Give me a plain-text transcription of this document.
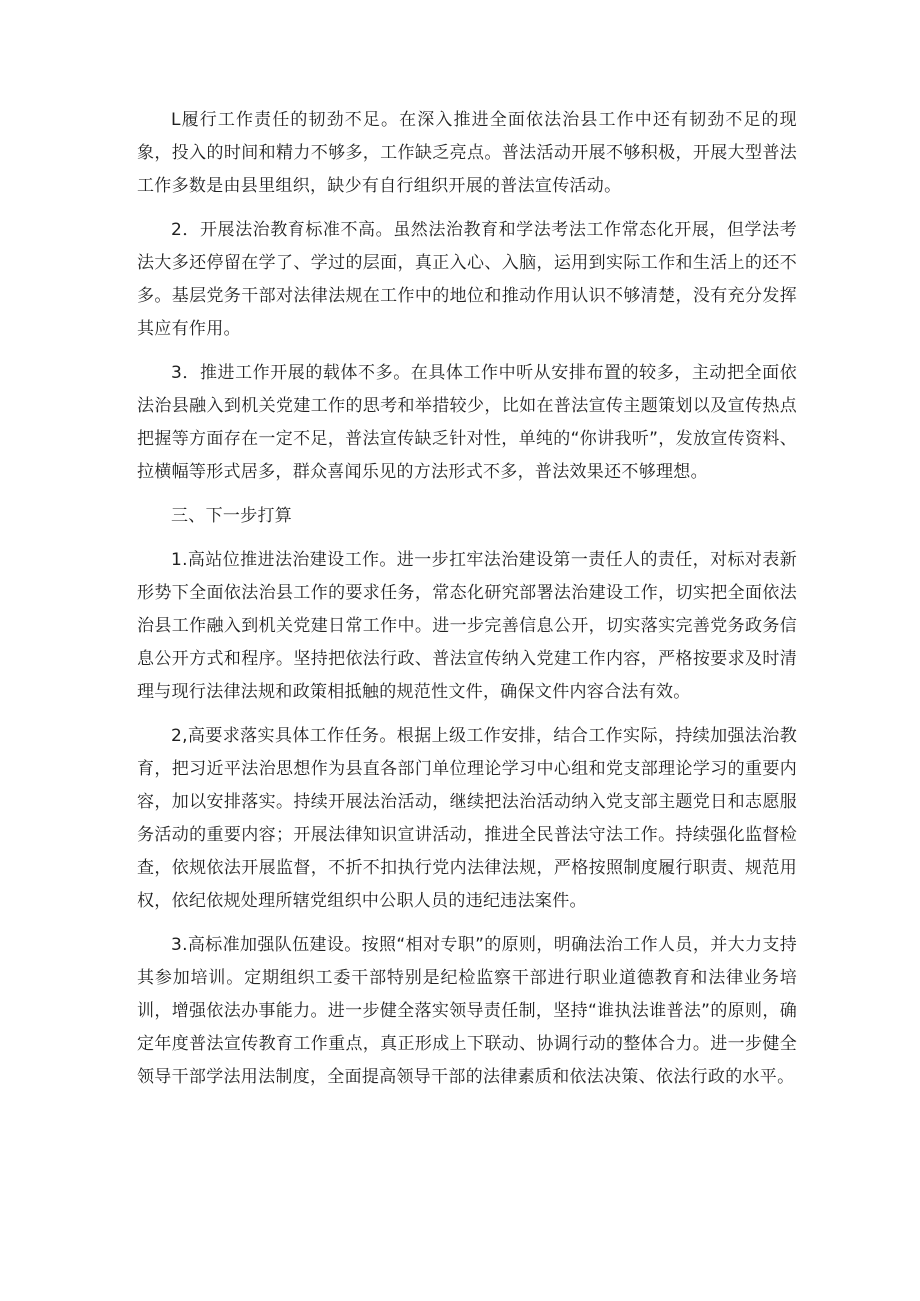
L履行工作责任的韧劲不足。在深入推进全面依法治县工作中还有韧劲不足的现象，投入的时间和精力不够多，工作缺乏亮点。普法活动开展不够积极，开展大型普法工作多数是由县里组织，缺少有自行组织开展的普法宣传活动。

2．开展法治教育标准不高。虽然法治教育和学法考法工作常态化开展，但学法考法大多还停留在学了、学过的层面，真正入心、入脑，运用到实际工作和生活上的还不多。基层党务干部对法律法规在工作中的地位和推动作用认识不够清楚，没有充分发挥其应有作用。

3．推进工作开展的载体不多。在具体工作中听从安排布置的较多，主动把全面依法治县融入到机关党建工作的思考和举措较少，比如在普法宣传主题策划以及宣传热点把握等方面存在一定不足，普法宣传缺乏针对性，单纯的“你讲我听”，发放宣传资料、拉横幅等形式居多，群众喜闻乐见的方法形式不多，普法效果还不够理想。

三、下一步打算

1.高站位推进法治建设工作。进一步扛牢法治建设第一责任人的责任，对标对表新形势下全面依法治县工作的要求任务，常态化研究部署法治建设工作，切实把全面依法治县工作融入到机关党建日常工作中。进一步完善信息公开，切实落实完善党务政务信息公开方式和程序。坚持把依法行政、普法宣传纳入党建工作内容，严格按要求及时清理与现行法律法规和政策相抵触的规范性文件，确保文件内容合法有效。

2,高要求落实具体工作任务。根据上级工作安排，结合工作实际，持续加强法治教育，把习近平法治思想作为县直各部门单位理论学习中心组和党支部理论学习的重要内容，加以安排落实。持续开展法治活动，继续把法治活动纳入党支部主题党日和志愿服务活动的重要内容；开展法律知识宣讲活动，推进全民普法守法工作。持续强化监督检查，依规依法开展监督，不折不扣执行党内法律法规，严格按照制度履行职责、规范用权，依纪依规处理所辖党组织中公职人员的违纪违法案件。

3.高标准加强队伍建设。按照“相对专职”的原则，明确法治工作人员，并大力支持其参加培训。定期组织工委干部特别是纪检监察干部进行职业道德教育和法律业务培训，增强依法办事能力。进一步健全落实领导责任制，坚持“谁执法谁普法”的原则，确定年度普法宣传教育工作重点，真正形成上下联动、协调行动的整体合力。进一步健全领导干部学法用法制度，全面提高领导干部的法律素质和依法决策、依法行政的水平。
